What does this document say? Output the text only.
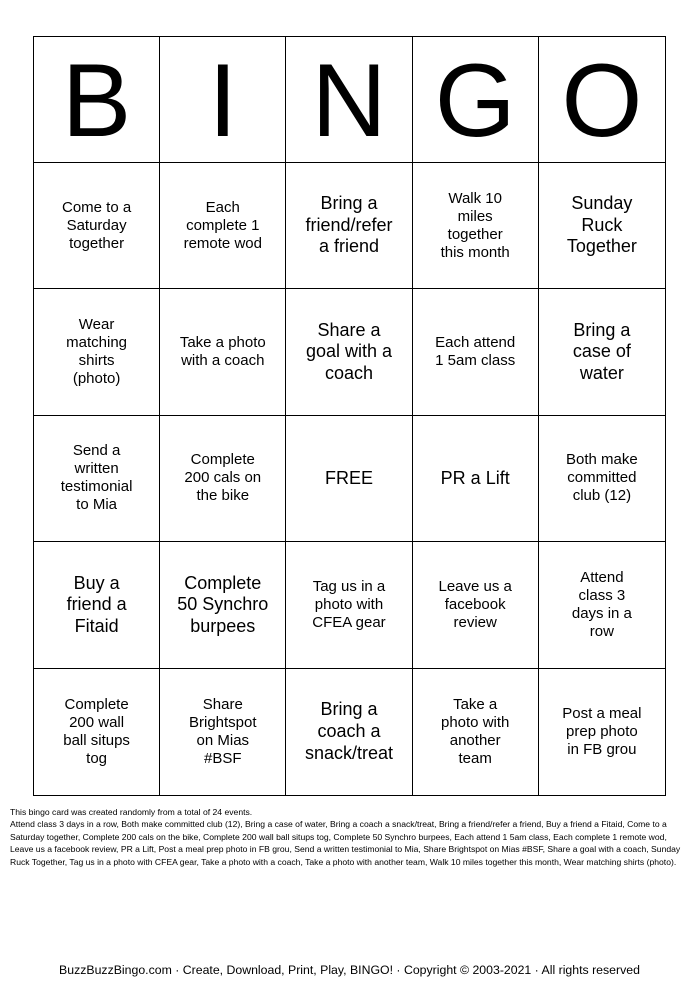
B I N G O
Come to a Saturday together
Each complete 1 remote wod
Bring a friend/refer a friend
Walk 10 miles together this month
Sunday Ruck Together
Wear matching shirts (photo)
Take a photo with a coach
Share a goal with a coach
Each attend 1 5am class
Bring a case of water
Send a written testimonial to Mia
Complete 200 cals on the bike
FREE	PR a Lift
Both make committed club (12)
Buy a friend a Fitaid
Complete 50 Synchro burpees
Tag us in a photo with CFEA gear
Leave us a facebook review
Attend class 3 days in a row
Complete 200 wall ball situps tog
Share Brightspot on Mias #BSF
Bring a coach a snack/treat
Take a photo with another team
Post a meal prep photo in FB grou

This bingo card was created randomly from a total of 24 events.

Attend class 3 days in a row, Both make committed club (12), Bring a case of water, Bring a coach a snack/treat, Bring a friend/refer a friend, Buy a friend a Fitaid, Come to a Saturday together, Complete 200 cals on the bike, Complete 200 wall ball situps tog, Complete 50 Synchro burpees, Each attend 1 5am class, Each complete 1 remote wod, Leave us a facebook review, PR a Lift, Post a meal prep photo in FB grou, Send a written testimonial to Mia, Share Brightspot on Mias #BSF, Share a goal with a coach, Sunday Ruck Together, Tag us in a photo with CFEA gear, Take a photo with a coach, Take a photo with another team, Walk 10 miles together this month, Wear matching shirts (photo).

BuzzBuzzBingo.com · Create, Download, Print, Play, BINGO! · Copyright © 2003-2021 · All rights reserved
